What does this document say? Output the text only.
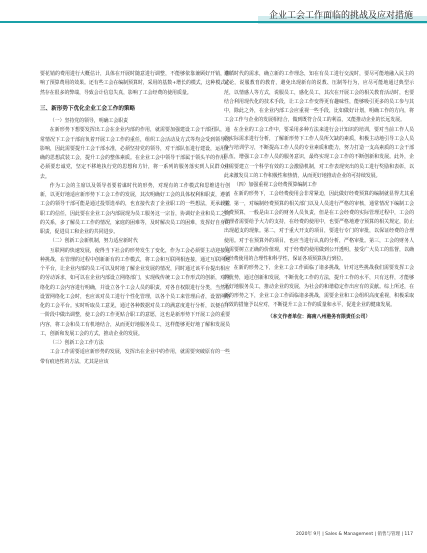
企业工会工作面临的挑战及应对措施

要花销的费用进行大概估计，具体在开展时随意进行调整，不能够依靠兼顾好开销，影响了预算费用的效果。还有些工会在编制预算时，采用的基数+增长的模式，这种模式必然存在很多的弊端，导致会计信息失真，影响了工会经费的使用质量。

三、新形势下优化企业工会工作的策略

（一）坚持党的领导，明确工会职责

在新形势下想要发挥出工会在企业内部的作用，就需要加强建设工会干部团队，通常情况下工会干部肩负着开展工会工作的重任，组织工会活动及方式等均会受到领导的影响，因此需要提升工会干部水准，必须坚持党的领导，对干部队伍进行建设，运用正确的思想武装工会，提升工会的整体素质。在企业工会中领导干部属于领头羊的作用，必须要忠诚党，坚定不移地执行党的思想和方针，将一系列的服务落实到人民群众中去。

作为工会的主席以及领导者要着谋时代的形势，对现有的工作模式和思维进行创新，以更好地适应新形势下工会工作的发展，其次明确好工会的具体权利和职责，遵循工会的领导干部可能是通过投票选举的，也直接代表了企业职工的一些想法，更承载着职工的信任，因此要在企业工会内部展现为员工服务这一宗旨，协调好企业和员工之间的关系，多了解员工工作的情况，家庭的困难等，及时解决员工的困难，发挥好自身的职责，促进员工和企业的共同进步。

（二）创新工会新机制，努力适应新时代

互联网的快速发展，使得当下社会的形势发生了变化，作为工会必须要主动迎接这种挑战，在管理的过程中创新新有的工作模式，将工会和互联网相连接，通过互联网这个平台，让企业内部的员工可以及时地了解企业发展的情况，同时通过该平台提出相应的劳动诉求，如可以在企业内部设立网络部门，实现线传统工会工作形式的创新，对网络化的工会内容进行明确，并设立各个工会人员的职责，对各自权限进行分类，当然在设置网络化工会时，也应该对员工进行个性化管理，以各个员工来管理后者，设置网络化的工会平台。实时听取员工意见，通过各种数据对员工的满意度进行分析，以便在下一阶段中做出调整，使工会的工作更贴合职工的意愿，这也是新形势下开展工会的重要内容，将工会和员工有机地结合，从而更好地服务员工，这样能够更好地了解和发展员工，创新和发展工会的方式，推动企业的发展。

（三）创新工会工作方法

工会工作需要适应新形势的发展，发挥出在企业中的作用，就需要突破原有的一些带有痕迹性的方法，尤其是应该

遵循时代的需求，确立新的工作理念，知在有员工进行交流时，要尽可能地融入民主的讨论，说服教育的教育，避免出现新有的说教、压制等行为，应尽可能地通过典型示范，以情感人等方式，说服员工，感化员工，其次在开展工会的相关教育活动时，也要结合利用现代化的技术手段，让工会工作变得更有趣味性，能够吸引更多的员工参与其中，除此之外，在企业内部工会应重视一些手段，比如做好计划，明确工作的方向，将工会工作与企业的发展相结合，做到既符合员工的利益，又能推动企业的长远发展。

在企业的工会工作中，要采用多种方法来进行会计知识的培训，要对当前工作人员的实际需求进行分析，了解新形势下工作人员所欠缺的素质，积极主动地引导工会人员参与培训学习，不断提高工作人员的专业素质和能力，努力打造一支高素质的工会干部队伍，增强工会工作人员的服务意识，最终实现工会工作的不断创新和发展。此外，企业需要建立一个科学有效的工会激励机制，对工作表现突出的员工进行奖励和表彰，以此来激发员工的工作积极性和热情，从而更好地推动企业的可持续发展。

（四）加强重视工会经费预算编制工作

在新的形势下，工会经费使用会非常紧迫，因此做好经费预算的编制就显得尤其重要。第一，对编制经费预算的相关部门以及人员进行严格的审核，通常情况下编制工会经费预算，一般是由工会的财务人员负责，但是在工会经费的实际管理过程中，工会的管理者需要给予大力的支持，在经费的使用中，也要严格地遵守预算的相关规定，防止出现超支的现象。第二，对于重大开支的项目，要进行专门的审批，以保证经费的合理使用。对于在预算外的项目，也应当进行认真的分析，严格审批。第三，工会的财务人员需要树立正确的价值观，对于经费的使用做到公开透明，接受广大员工的监督，以确保经费使用的合理性和科学性，保证各项预算执行到位。

在新的形势之下，企业工会工作面临了诸多挑战，针对这些挑战我们需要发挥工会的优势，通过创新和发展，不断优化工作的方法，提升工作的水平，只有这样，才能够更好地服务员工，推动企业的发展，为社会的和谐稳定作出应有的贡献。综上所述，在新的形势之下，企业工会工作面临诸多挑战，需要企业和工会组织高度重视，积极采取有效的措施予以应对，不断提升工会工作的质量和水平，促进企业的健康发展。

（本文作者单位：海南八州港务有限责任公司）

2020年 9月 | Sales & Management | 销售与管理 | 117
